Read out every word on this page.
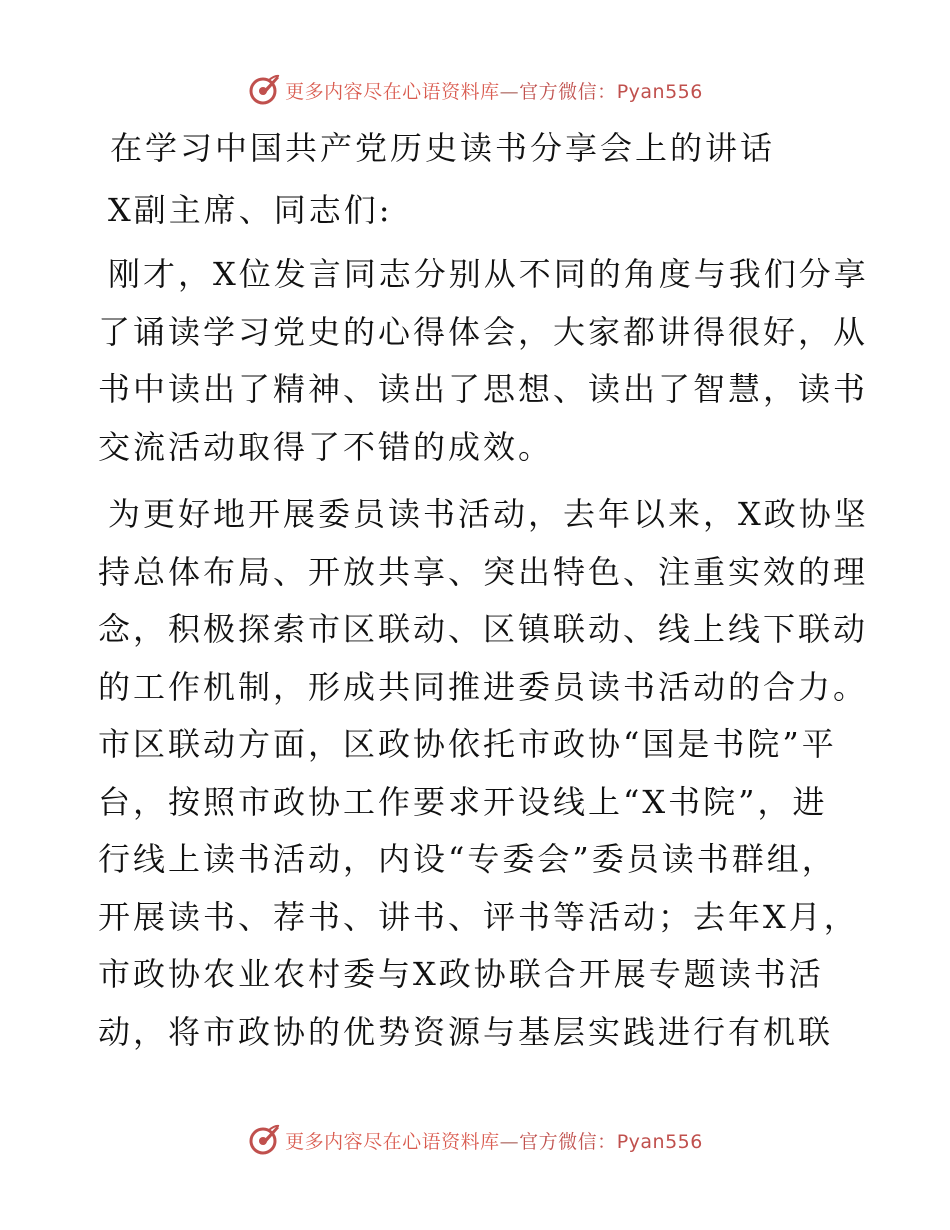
更多内容尽在心语资料库—官方微信：Pyan556
在学习中国共产党历史读书分享会上的讲话
X副主席、同志们:
刚才，X位发言同志分别从不同的角度与我们分享
了诵读学习党史的心得体会，大家都讲得很好，从
书中读出了精神、读出了思想、读出了智慧，读书
交流活动取得了不错的成效。
为更好地开展委员读书活动，去年以来，X政协坚
持总体布局、开放共享、突出特色、注重实效的理
念，积极探索市区联动、区镇联动、线上线下联动
的工作机制，形成共同推进委员读书活动的合力。
市区联动方面，区政协依托市政协“国是书院”平
台，按照市政协工作要求开设线上“X书院”，进
行线上读书活动，内设“专委会”委员读书群组，
开展读书、荐书、讲书、评书等活动；去年X月，
市政协农业农村委与X政协联合开展专题读书活
动，将市政协的优势资源与基层实践进行有机联
更多内容尽在心语资料库—官方微信：Pyan556
